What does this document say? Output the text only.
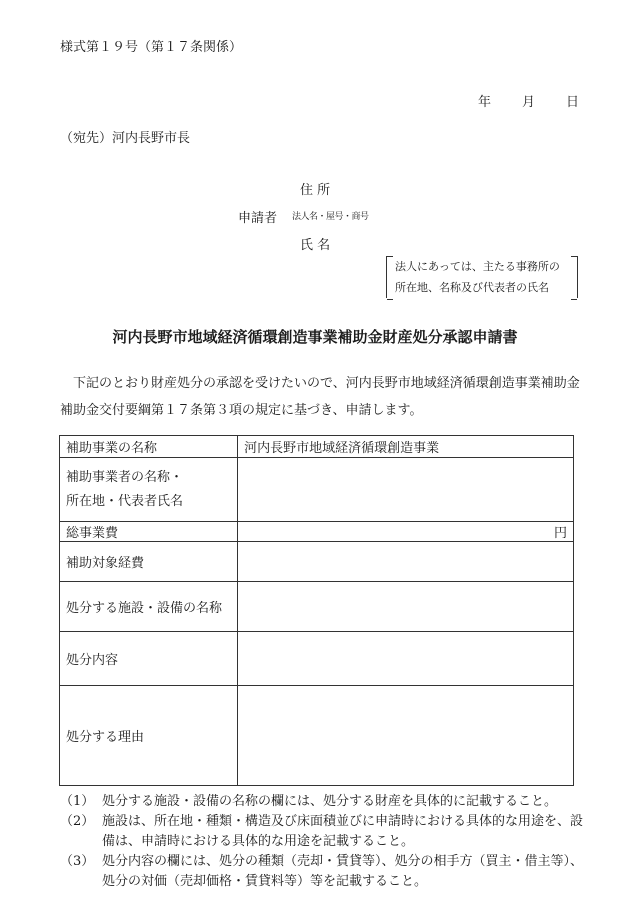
様式第１９号（第１７条関係）
年 月 日
（宛先）河内長野市長
住 所
申請者 法人名・屋号・商号
氏 名
法人にあっては、主たる事務所の
所在地、名称及び代表者の氏名
河内長野市地域経済循環創造事業補助金財産処分承認申請書
下記のとおり財産処分の承認を受けたいので、河内長野市地域経済循環創造事業補助金補助金交付要綱第１７条第３項の規定に基づき、申請します。
補助事業の名称	河内長野市地域経済循環創造事業

補助事業者の名称・
所在地・代表者氏名	

総事業費	円
補助対象経費	
処分する施設・設備の名称	
処分内容	
処分する理由	
（1） 処分する施設・設備の名称の欄には、処分する財産を具体的に記載すること。
（2） 施設は、所在地・種類・構造及び床面積並びに申請時における具体的な用途を、設備は、申請時における具体的な用途を記載すること。
（3） 処分内容の欄には、処分の種類（売却・賃貸等）、処分の相手方（買主・借主等）、処分の対価（売却価格・賃貸料等）等を記載すること。
